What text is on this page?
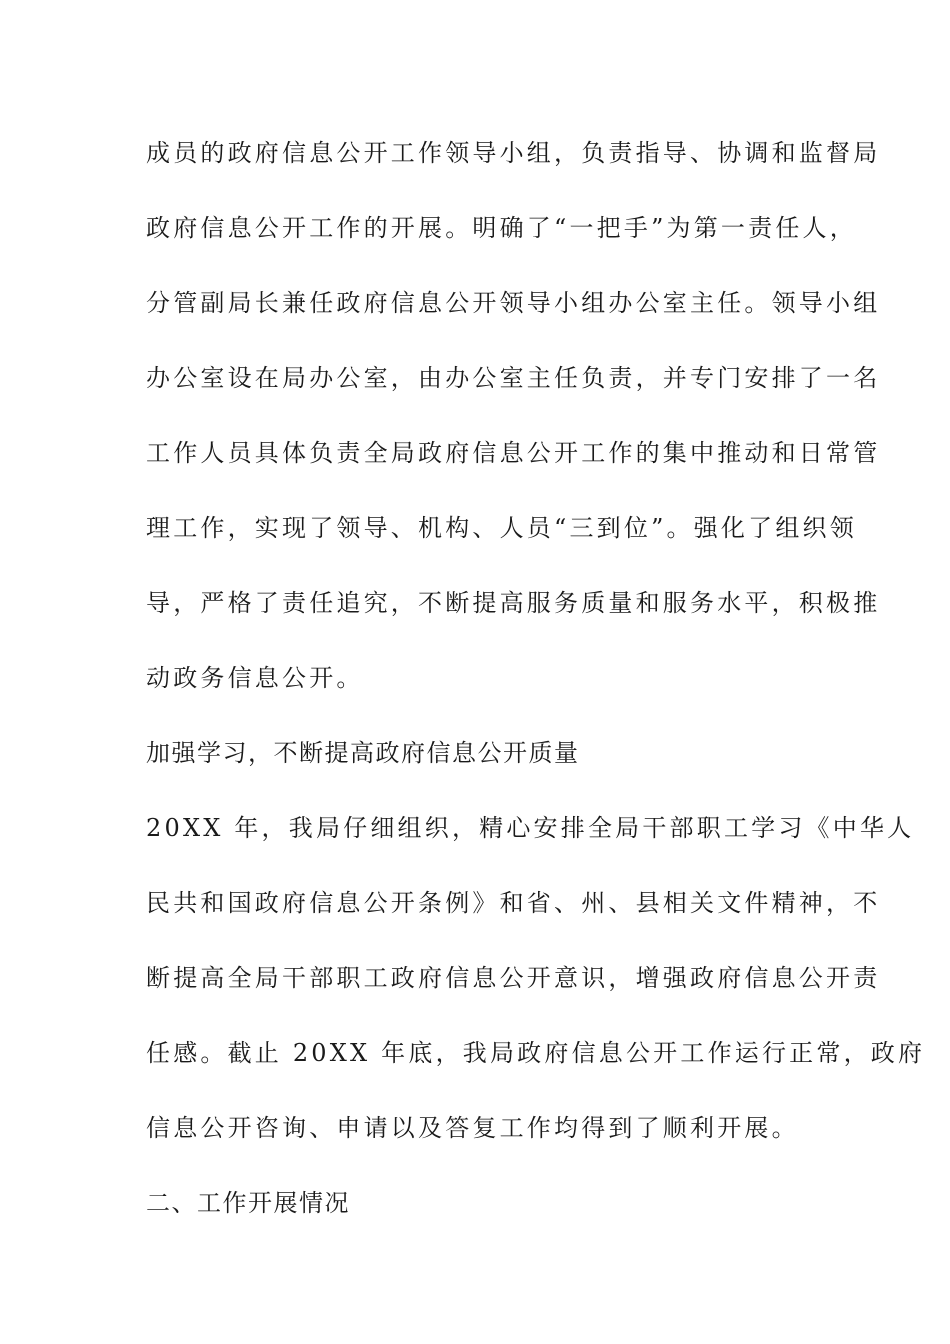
成员的政府信息公开工作领导小组，负责指导、协调和监督局
政府信息公开工作的开展。明确了“一把手”为第一责任人，
分管副局长兼任政府信息公开领导小组办公室主任。领导小组
办公室设在局办公室，由办公室主任负责，并专门安排了一名
工作人员具体负责全局政府信息公开工作的集中推动和日常管
理工作，实现了领导、机构、人员“三到位”。强化了组织领
导，严格了责任追究，不断提高服务质量和服务水平，积极推
动政务信息公开。
加强学习，不断提高政府信息公开质量
20XX 年，我局仔细组织，精心安排全局干部职工学习《中华人
民共和国政府信息公开条例》和省、州、县相关文件精神，不
断提高全局干部职工政府信息公开意识，增强政府信息公开责
任感。截止 20XX 年底，我局政府信息公开工作运行正常，政府
信息公开咨询、申请以及答复工作均得到了顺利开展。
二、工作开展情况
